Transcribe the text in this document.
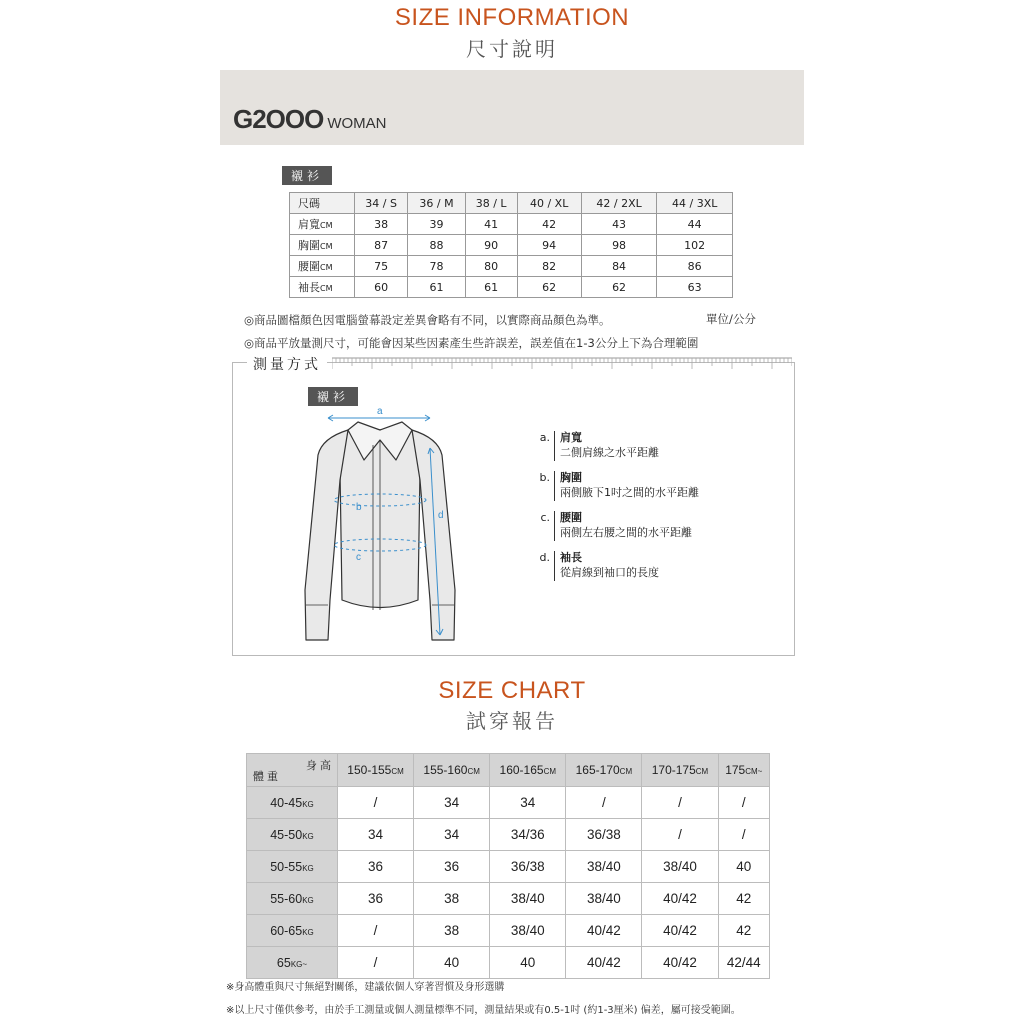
SIZE INFORMATION
尺寸說明
G2OOO WOMAN
襯衫
尺碼	34 / S	36 / M	38 / L	40 / XL	42 / 2XL	44 / 3XL
肩寬CM	38	39	41	42	43	44
胸圍CM	87	88	90	94	98	102
腰圍CM	75	78	80	82	84	86
袖長CM	60	61	61	62	62	63
◎商品圖檔顏色因電腦螢幕設定差異會略有不同，以實際商品顏色為準。	單位/公分
◎商品平放量測尺寸，可能會因某些因素產生些許誤差，誤差值在1-3公分上下為合理範圍
測量方式
襯衫
a
b
c
d
a. 肩寬
二側肩線之水平距離
b. 胸圍
兩側腋下1吋之間的水平距離
c. 腰圍
兩側左右腰之間的水平距離
d. 袖長
從肩線到袖口的長度
SIZE CHART
試穿報告
身 高
體 重	150-155CM	155-160CM	160-165CM	165-170CM	170-175CM	175CM~
40-45KG	/	34	34	/	/	/
45-50KG	34	34	34/36	36/38	/	/
50-55KG	36	36	36/38	38/40	38/40	40
55-60KG	36	38	38/40	38/40	40/42	42
60-65KG	/	38	38/40	40/42	40/42	42
65KG~	/	40	40	40/42	40/42	42/44
※身高體重與尺寸無絕對關係，建議依個人穿著習慣及身形選購
※以上尺寸僅供參考，由於手工測量或個人測量標準不同，測量結果或有0.5-1吋 (約1-3厘米) 偏差，屬可接受範圍。
